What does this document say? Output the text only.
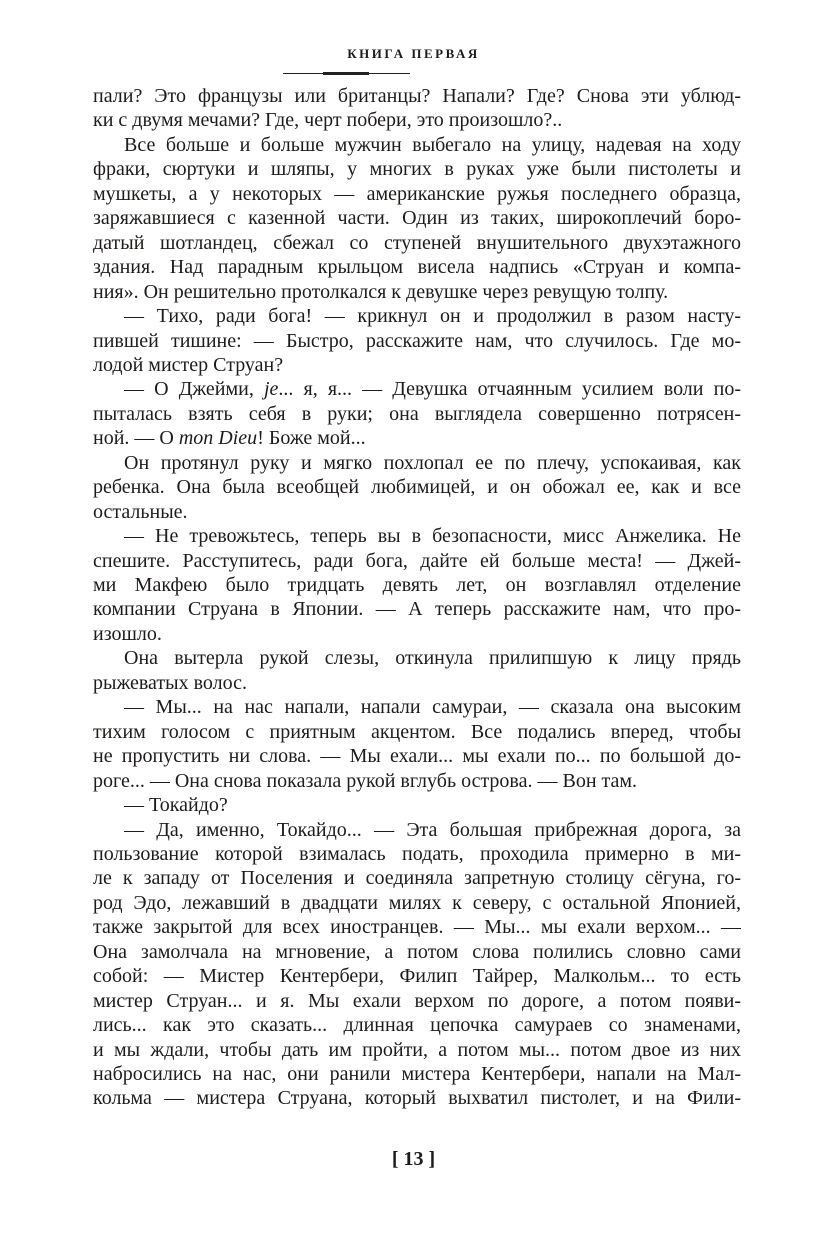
КНИГА ПЕРВАЯ
пали? Это французы или британцы? Напали? Где? Снова эти ублюд-
ки с двумя мечами? Где, черт побери, это произошло?..
Все больше и больше мужчин выбегало на улицу, надевая на ходу
фраки, сюртуки и шляпы, у многих в руках уже были пистолеты и
мушкеты, а у некоторых — американские ружья последнего образца,
заряжавшиеся с казенной части. Один из таких, широкоплечий боро-
датый шотландец, сбежал со ступеней внушительного двухэтажного
здания. Над парадным крыльцом висела надпись «Струан и компа-
ния». Он решительно протолкался к девушке через ревущую толпу.
— Тихо, ради бога! — крикнул он и продолжил в разом насту-
пившей тишине: — Быстро, расскажите нам, что случилось. Где мо-
лодой мистер Струан?
— О Джейми, je... я, я... — Девушка отчаянным усилием воли по-
пыталась взять себя в руки; она выглядела совершенно потрясен-
ной. — О mon Dieu! Боже мой...
Он протянул руку и мягко похлопал ее по плечу, успокаивая, как
ребенка. Она была всеобщей любимицей, и он обожал ее, как и все
остальные.
— Не тревожьтесь, теперь вы в безопасности, мисс Анжелика. Не
спешите. Расступитесь, ради бога, дайте ей больше места! — Джей-
ми Макфею было тридцать девять лет, он возглавлял отделение
компании Струана в Японии. — А теперь расскажите нам, что про-
изошло.
Она вытерла рукой слезы, откинула прилипшую к лицу прядь
рыжеватых волос.
— Мы... на нас напали, напали самураи, — сказала она высоким
тихим голосом с приятным акцентом. Все подались вперед, чтобы
не пропустить ни слова. — Мы ехали... мы ехали по... по большой до-
роге... — Она снова показала рукой вглубь острова. — Вон там.
— Токайдо?
— Да, именно, Токайдо... — Эта большая прибрежная дорога, за
пользование которой взималась подать, проходила примерно в ми-
ле к западу от Поселения и соединяла запретную столицу сёгуна, го-
род Эдо, лежавший в двадцати милях к северу, с остальной Японией,
также закрытой для всех иностранцев. — Мы... мы ехали верхом... —
Она замолчала на мгновение, а потом слова полились словно сами
собой: — Мистер Кентербери, Филип Тайрер, Малкольм... то есть
мистер Струан... и я. Мы ехали верхом по дороге, а потом появи-
лись... как это сказать... длинная цепочка самураев со знаменами,
и мы ждали, чтобы дать им пройти, а потом мы... потом двое из них
набросились на нас, они ранили мистера Кентербери, напали на Мал-
кольма — мистера Струана, который выхватил пистолет, и на Фили-
[ 13 ]
